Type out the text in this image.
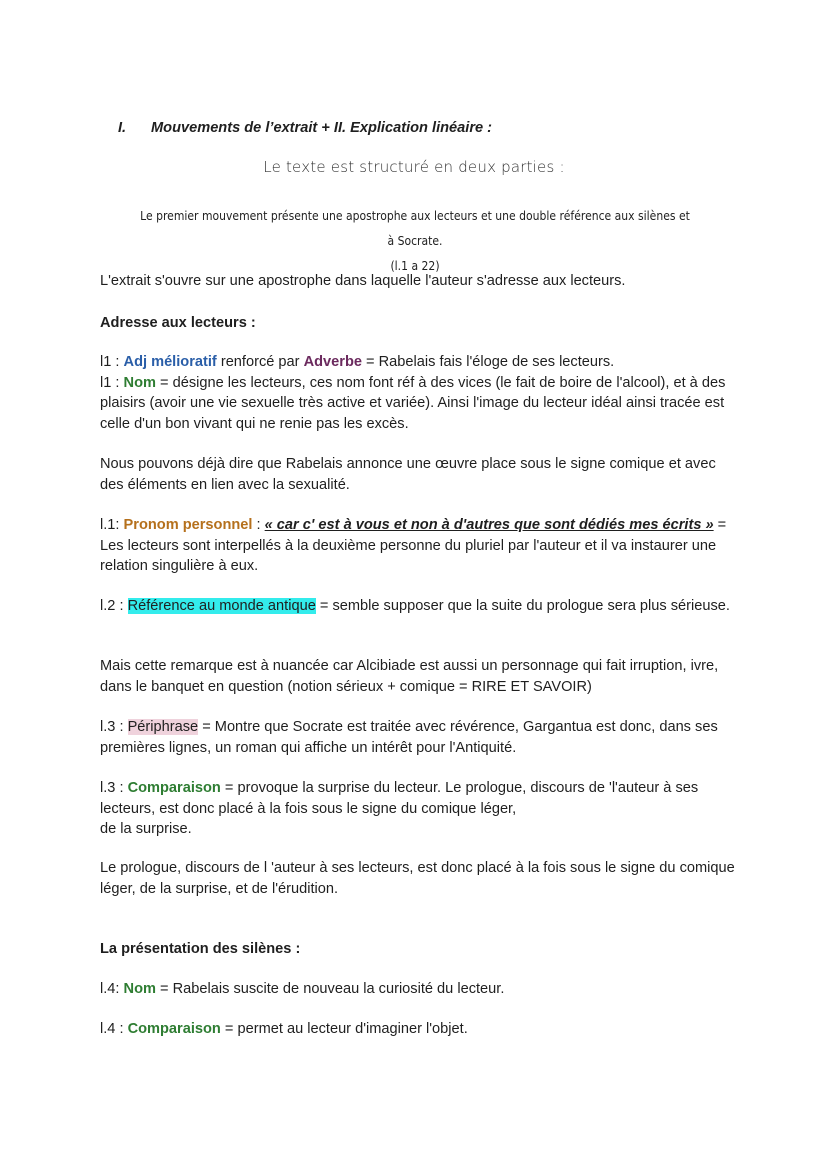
I. Mouvements de l’extrait + II. Explication linéaire :

Le texte est structuré en deux parties :

Le premier mouvement présente une apostrophe aux lecteurs et une double référence aux silènes et à Socrate.
(l.1 a 22)

L'extrait s'ouvre sur une apostrophe dans laquelle l'auteur s'adresse aux lecteurs.

Adresse aux lecteurs :

l1 : Adj mélioratif renforcé par Adverbe = Rabelais fais l'éloge de ses lecteurs.
l1 : Nom = désigne les lecteurs, ces nom font réf à des vices (le fait de boire de l'alcool), et à des plaisirs (avoir une vie sexuelle très active et variée). Ainsi l'image du lecteur idéal ainsi tracée est celle d'un bon vivant qui ne renie pas les excès.

Nous pouvons déjà dire que Rabelais annonce une œuvre place sous le signe comique et avec des éléments en lien avec la sexualité.

l.1: Pronom personnel : « car c' est à vous et non à d'autres que sont dédiés mes écrits » = Les lecteurs sont interpellés à la deuxième personne du pluriel par l'auteur et il va instaurer une relation singulière à eux.

l.2 : Référence au monde antique = semble supposer que la suite du prologue sera plus sérieuse.

Mais cette remarque est à nuancée car Alcibiade est aussi un personnage qui fait irruption, ivre, dans le banquet en question (notion sérieux + comique = RIRE ET SAVOIR)

l.3 : Périphrase = Montre que Socrate est traitée avec révérence, Gargantua est donc, dans ses premières lignes, un roman qui affiche un intérêt pour l'Antiquité.

l.3 : Comparaison = provoque la surprise du lecteur. Le prologue, discours de 'l'auteur à ses lecteurs, est donc placé à la fois sous le signe du comique léger,
de la surprise.

Le prologue, discours de l 'auteur à ses lecteurs, est donc placé à la fois sous le signe du comique léger, de la surprise, et de l'érudition.

La présentation des silènes :

l.4: Nom = Rabelais suscite de nouveau la curiosité du lecteur.

l.4 : Comparaison = permet au lecteur d'imaginer l'objet.
